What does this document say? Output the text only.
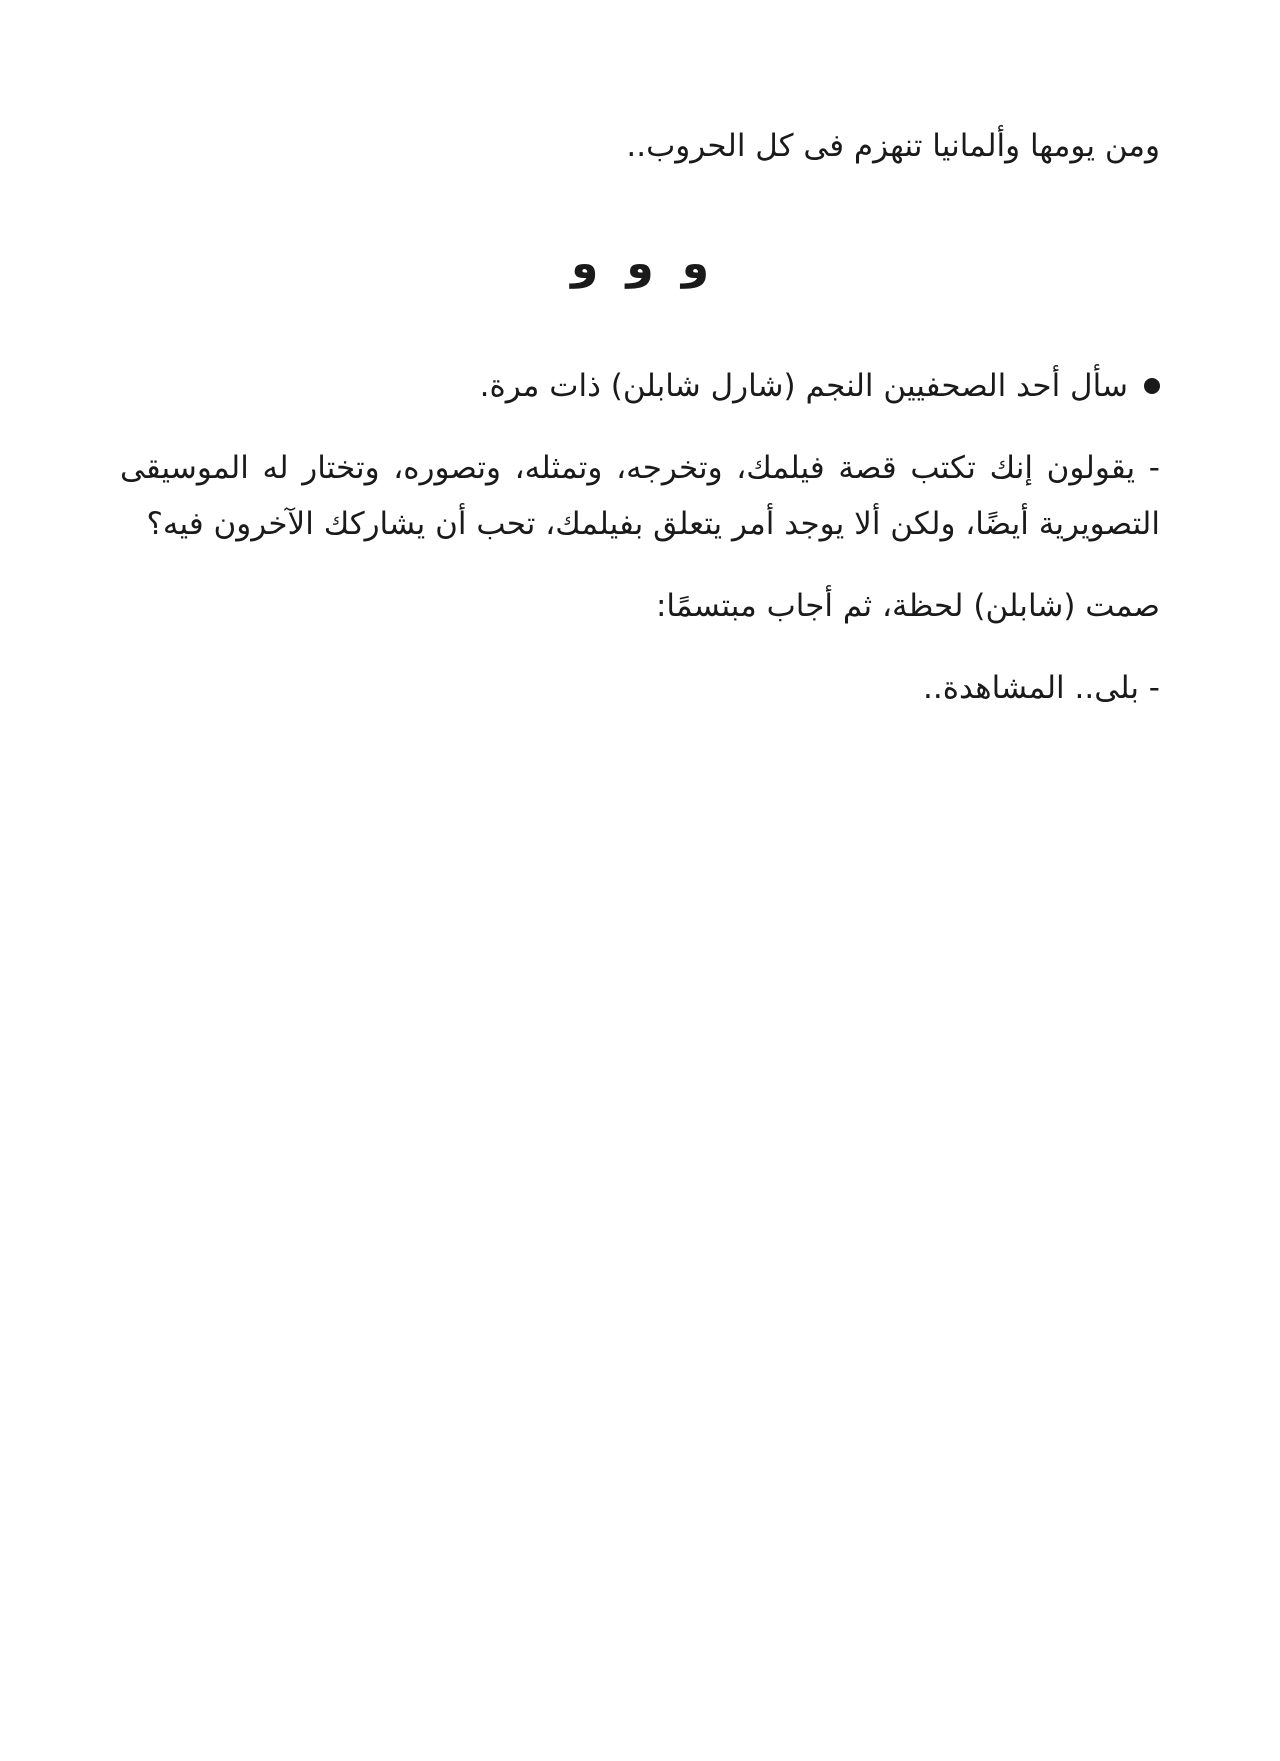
ومن يومها وألمانيا تنهزم فى كل الحروب..

و
و
و
سأل أحد الصحفيين النجم (شارل شابلن) ذات مرة.

- يقولون إنك تكتب قصة فيلمك، وتخرجه، وتمثله، وتصوره، وتختار له الموسيقى التصويرية أيضًا، ولكن ألا يوجد أمر يتعلق بفيلمك، تحب أن يشاركك الآخرون فيه؟

صمت (شابلن) لحظة، ثم أجاب مبتسمًا:

- بلى.. المشاهدة..
